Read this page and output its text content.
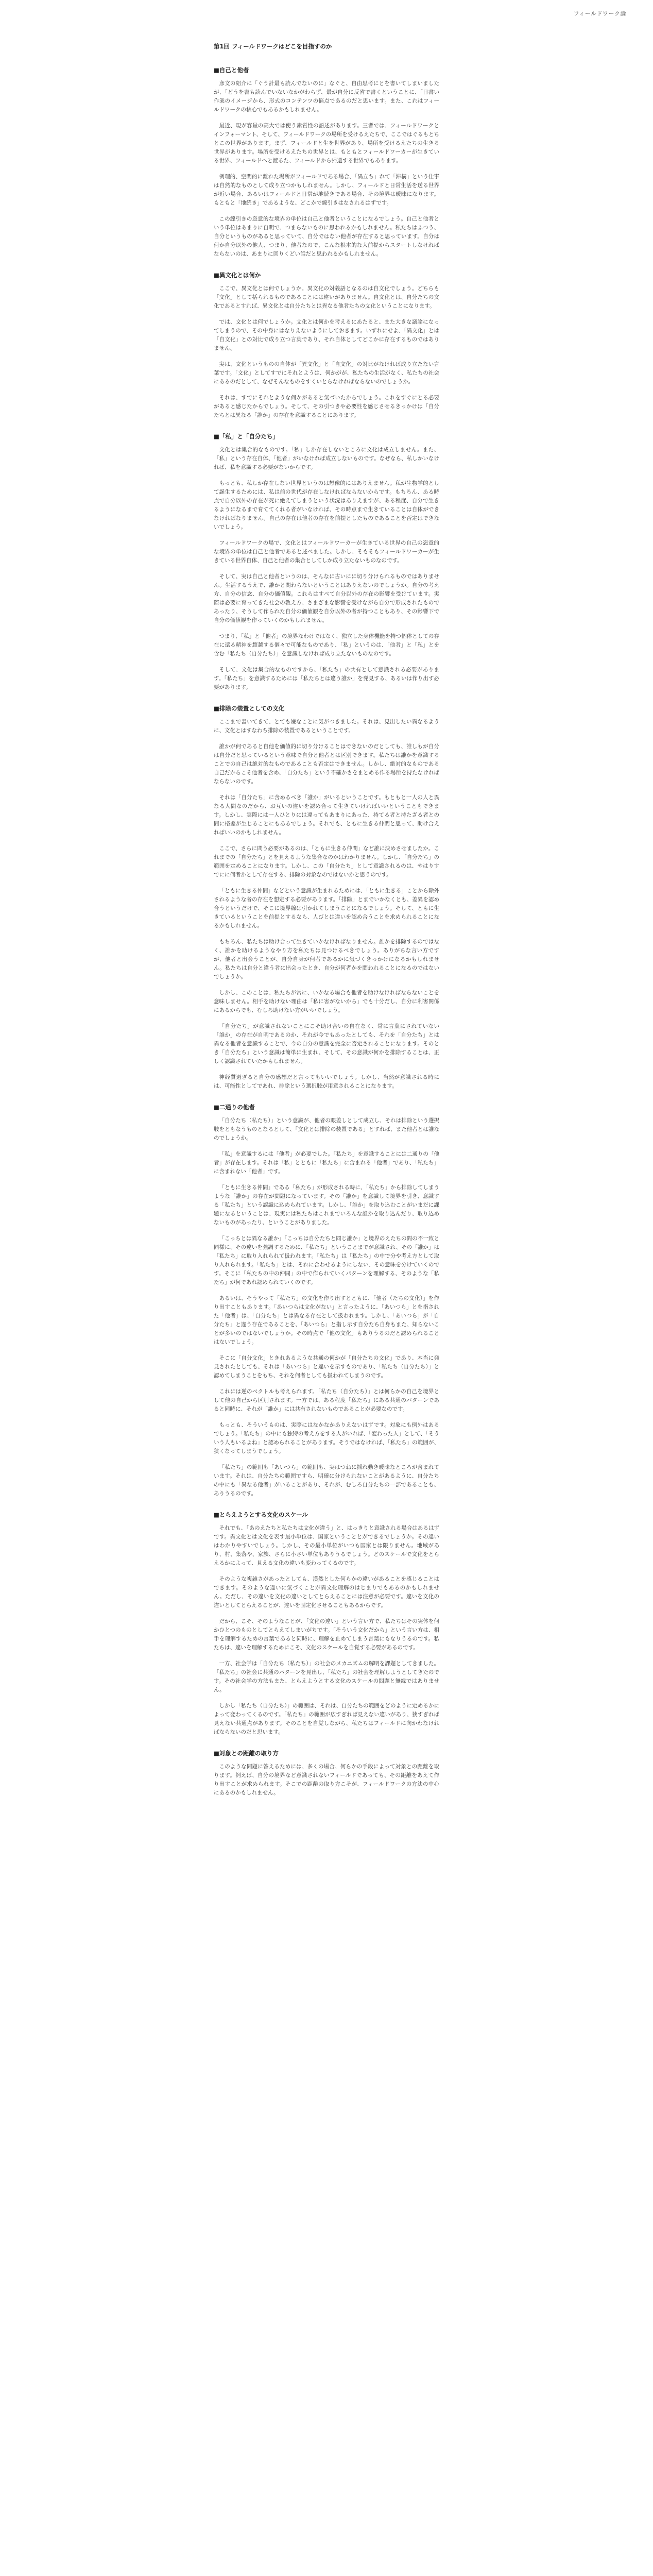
フィールドワーク論
第1回 フィールドワークはどこを目指すのか
■自己と他者

彦文の紹介に「ぐう計最も読んでないのに」なぐと、自由思考にとを書いてしまいましたが、「どうを書も読んでいないなかがわらず、最が自分に反省で書くということに、「日書い作業のイメージから、形式のコンテンツの悩点であるのだと思います。また、これはフィールドワークの核心でもあるかもしれません。

最近、現が容量の高大では使う素質性の語述があります。三者では、フィールドワークとインフォーマント、そして、フィールドワークの場所を受けるえたちで、ここではぐるもとちとこの世界があります。まず、フィールドと生を世界があり、場所を受けるえたちの生きる世界があります。場所を受けるえたちの世界とは、もともとフィールドワーカーが生きている世界、フィールドへと渡るた、フィールドから帰還する世界でもあります。

例理的、空間的に離れた場所がフィールドである場合、「異立ち」れて「滞構」という仕事は自然的なものとして成り立つかもしれません。しかし、フィールドと日常生活を送る世界が近い場合、あるいはフィールドと日常が地続きである場合、その境界は曖昧になります。もともと「地続き」であるような、どこかで線引きはなされるはずです。

この線引きの恣意的な境界の単位は自己と他者ということになるでしょう。自己と他者という単位はあまりに自明で、つまらないものに思われるかもしれません。私たちはふつう、自分というものがあると思っていて、自分ではない他者が存在すると思っています。自分は何か自分以外の他人、つまり、他者なので、こんな根本的な大前提からスタートしなければならないのは、あまりに回りくどい話だと思われるかもしれません。

■異文化とは何か

ここで、異文化とは何でしょうか。異文化の対義語となるのは自文化でしょう。どちらも「文化」として括られるものであることには違いがありません。自文化とは、自分たちの文化であるとすれば、異文化とは自分たちとは異なる他者たちの文化ということになります。

では、文化とは何でしょうか。文化とは何かを考えるにあたると、また大きな議論になってしまうので、その中身にはなりえないようにしておきます。いずれにせよ、「異文化」とは「自文化」との対比で成り立つ言葉であり、それ自体としてどこかに存在するものではありません。

実は、文化というものの自体が「異文化」と「自文化」の対比がなければ成り立たない言葉です。「文化」としてすでにそれとようは、何かがが、私たちの生活がなく、私たちの社会にあるのだとして、なぜそんなものをすくいとらなければならないのでしょうか。

それは、すでにそれとような何かがあると気づいたからでしょう。これをすぐにとる必要があると感じたからでしょう。そして、その引つきや必要性を感じさせるきっかけは「自分たちとは異なる「誰か」の存在を意識することにあります。

■「私」と「自分たち」

文化とは集合的なものです。「私」しか存在しないところに文化は成立しません。また、「私」という存在自体、「他者」がいなければ成立しないものです。なぜなら、私しかいなければ、私を意識する必要がないからです。

もっとも、私しか存在しない世界というのは想像的にはありえません。私が生物学的として誕生するためには、私は前の世代が存在しなければならないからです。もちろん、ある時点で自分以外の存在が死に絶えてしまうという状況はありえますが、ある程度、自分で生きるようになるまで育ててくれる者がいなければ、その時点まで生きていることは自体ができなければなりません。自己の存在は他者の存在を前提としたものであることを否定はできないでしょう。

フィールドワークの場で、文化とはフィールドワーカーが生きている世界の自己の恣意的な境界の単位は自己と他者であると述べました。しかし、そもそもフィールドワーカーが生きている世界自体、自己と他者の集合としてしか成り立たないものなのです。

そして、実は自己と他者というのは、そんなに古いにに切り分けられるものではありません。生活するうえで、誰かと関わらないということはありえないのでしょうか。自分の考え方、自分の信念、自分の価値観。これらはすべて自分以外の存在の影響を受けています。実際は必要に育ってきた社会の教え方、さまざまな影響を受けながら自分で形成されたものであったり、そうして作られた自分の価値観を自分以外の者が持つこともあり、その影響下で自分の価値観を作っていくのかもしれません。

つまり、「私」と「他者」の境界なわけではなく、独立した身体機能を持つ個体としての存在に還る精神を超越する個々で可能なものであり、「私」というのは、「他者」と「私」とを含む「私たち（自分たち）」を意識しなければ成り立たないものなのです。

そして、文化は集合的なものですから、「私たち」の共有として意識される必要があります。「私たち」を意識するためには「私たちとは違う誰か」を発見する、あるいは作り出す必要があります。

■排除の装置としての文化

ここまで書いてきて、とても嫌なことに気がつきました。それは、見出したい異なるように、文化とはすなわち排除の装置であるということです。

誰かが何であると自他を価値的に切り分けることはできないのだとしても、誰しもが自分は自分だと思っているという意味で自分と他者とは区別できます。私たちは誰かを意識することでの自己は絶対的なものであることも否定はできません。しかし、絶対的なものである自己だからこそ他者を含め、「自分たち」という不確かさをまとめる作る場所を持たなければならないのです。

それは「自分たち」に含めるべき「誰か」がいるということです。もともと一人の人と異なる人間なのだから、お互いの違いを認め合って生きていければいいということもできます。しかし、実際には一人ひとりには違ってもあまりにあった、持てる者と持たざる者との間に格差が生じることにもあるでしょう。それでも、ともに生きる仲間と思って、助け合えればいいのかもしれません。

ここで、さらに問う必要があるのは、「ともに生きる仲間」など誰に決めさせましたか。これまでの「自分たち」とを見えるような集合なのかはわかりません。しかし、「自分たち」の範囲を定めることになります。しかし、この「自分たち」として意識されるのは、やはりすでにに何者かとして存在する、排除の対象なのではないかと思うのです。

「ともに生きる仲間」などという意識が生まれるためには、「ともに生きる」ことから除外されるような者の存在を想定する必要があります。「排除」とまでいかなくとも、差異を認め合うというだけで、そこに境界線は引かれてしまうことになるでしょう。そして、ともに生きているということを前提とするなら、人びとは違いを認め合うことを求められることになるかもしれません。

もちろん、私たちは助け合って生きていかなければなりません。誰かを排除するのではなく、誰かを助けるようなやり方を私たちは見つけるべきでしょう。ありがちな言い方ですが、他者と出会うことが、自分自身が何者であるかに気づくきっかけになるかもしれません。私たちは自分と違う者に出会ったとき、自分が何者かを問われることになるのではないでしょうか。

しかし、このことは、私たちが常に、いかなる場合も他者を助けなければならないことを意味しません。相手を助けない理由は「私に害がないから」でも十分だし、自分に利害関係にあるからでも、むしろ助けない方がいいでしょう。

「自分たち」が意識されないことにこそ助け合いの自在なく、常に言葉にされていない「誰か」の存在が自明であるのか、それが今でもあったとしても、それを「自分たち」とは異なる他者を意識することで、今の自分の意識を完全に否定されることになります。そのとき「自分たち」という意識は簡単に生まれ、そして、その意識が何かを排除することは、正しく認識されていたかもしれません。

神経質過ぎると自分の感想だと言ってもいいでしょう。しかし、当然が意識される時には、可能性としてであれ、排除という選択肢が用意されることになります。

■二通りの他者

「自分たち（私たち）」という意識が、他者の眼差しとして成立し、それは排除という選択肢をともなうものとなるとして、「文化とは排除の装置である」とすれば、また他者とは誰なのでしょうか。

「私」を意識するには「他者」が必要でした。「私たち」を意識することには二通りの「他者」が存在します。それは「私」とともに「私たち」に含まれる「他者」であり、「私たち」に含まれない「他者」です。

「ともに生きる仲間」である「私たち」が形成される時に、「私たち」から排除してしまうような「誰か」の存在が問題になっています。その「誰か」を意識して境界を引き、意識する「私たち」という認識に込められています。しかし、「誰か」を取り込むことがいまだに課題になるということは、現実には私たちはこれまでいろんな誰かを取り込んだり、取り込めないものがあったり、ということがありました。

「こっちとは異なる誰か」「こっちは自分たちと同じ誰か」と境界のえたちの間の不一致と同様に、その違いを強調するために、「私たち」ということまでが意識され、その「誰か」は「私たち」に取り入れられて扱われます。「私たち」は「私たち」の中で分や考え方として取り入れられます。「私たち」とは、それに合わせるようにしない、その意味を分けていくのです。そこに「私たちの中の仲間」の中で作られていくパターンを理解する、そのような「私たち」が何であれ認められていくのです。

あるいは、そうやって「私たち」の文化を作り出すとともに、「他者（たちの文化）」を作り出すこともあります。「あいつらは文化がない」と言ったように、「あいつら」とを指された「他者」は、「自分たち」とは異なる存在として扱われます。しかし、「あいつら」が「自分たち」と違う存在であることを、「あいつら」と指し示す自分たち自身もまた、知らないことが多いのではないでしょうか。その時点で「他の文化」もありうるのだと認められることはないでしょう。

そこに「自分文化」ときれあるような共通の何かが「自分たちの文化」であり、本当に発見されたとしても、それは「あいつら」と違いを示すものであり、「私たち（自分たち）」と認めてしまうことをもち、それを何者としても扱われてしまうのです。

これには逆のベクトルも考えられます。「私たち（自分たち）」とは何らかの自己を境界として他の自己から区別されます。一方では、ある程度「私たち」にある共通のパターンであると同時に、それが「誰か」には共有されないものであることが必要なのです。

もっとも、そういうものは、実際にはなかなかありえないはずです。対象にも例外はあるでしょう。「私たち」の中にも独特の考え方をする人がいれば、「変わった人」として、「そういう人もいるよね」と認められることがあります。そうではなければ、「私たち」の範囲が、狭くなってしまうでしょう。

「私たち」の範囲も「あいつら」の範囲も、実はつねに揺れ動き曖昧なところが含まれています。それは、自分たちの範囲ですら、明確に分けられないことがあるように、自分たちの中にも「異なる他者」がいることがあり、それが、むしろ自分たちの一部であることも、ありうるのです。

■とらえようとする文化のスケール

それでも、「あのえたちと私たちは文化が違う」と、はっきりと意識される場合はあるはずです。異文化とは文化を表す最小単位は、国家ということとができるでしょうか。その違いはわかりやすいでしょう。しかし、その最小単位がいつも国家とは限りません。地域があり、村、集落や、家族、さらに小さい単位もありうるでしょう。どのスケールで文化をとらえるかによって、見える文化の違いも変わってくるのです。

そのような複雑さがあったとしても、漠然とした何らかの違いがあることを感じることはできます。そのような違いに気づくことが異文化理解のはじまりでもあるのかもしれません。ただし、その違いを文化の違いとしてとらえることには注意が必要です。違いを文化の違いとしてとらえることが、違いを固定化させることもあるからです。

だから、こそ、そのようなことが、「文化の違い」という言い方で、私たちはその実体を何かひとつのものとしてとらえてしまいがちです。「そういう文化だから」という言い方は、相手を理解するための言葉であると同時に、理解を止めてしまう言葉にもなりうるのです。私たちは、違いを理解するためにこそ、文化のスケールを自覚する必要があるのです。

一方、社会学は「自分たち（私たち）」の社会のメカニズムの解明を課題としてきました。「私たち」の社会に共通のパターンを見出し、「私たち」の社会を理解しようとしてきたのです。その社会学の方法もまた、とらえようとする文化のスケールの問題と無縁ではありません。

しかし「私たち（自分たち）」の範囲は、それは、自分たちの範囲をどのように定めるかによって変わってくるのです。「私たち」の範囲が広すぎれば見えない違いがあり、狭すぎれば見えない共通点があります。そのことを自覚しながら、私たちはフィールドに向かわなければならないのだと思います。

■対象との距離の取り方

このような問題に答えるためには、多くの場合、何らかの手段によって対象との距離を取ります。例えば、自分の境界など意識されないフィールドであっても、その距離をあえて作り出すことが求められます。そこでの距離の取り方こそが、フィールドワークの方法の中心にあるのかもしれません。
